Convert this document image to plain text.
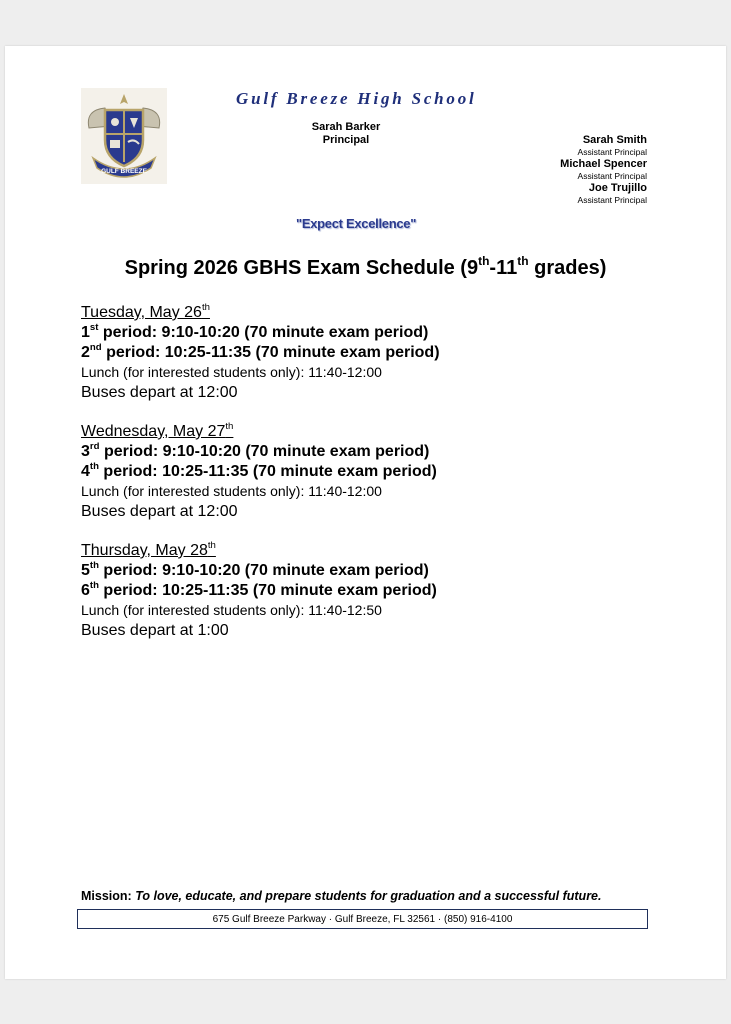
GULF BREEZE
Gulf Breeze High School
Sarah Barker
Principal	Sarah Smith
Assistant Principal
Michael Spencer
Assistant Principal
Joe Trujillo
Assistant Principal
"Expect Excellence"
Spring 2026 GBHS Exam Schedule (9th-11th grades)
Tuesday, May 26th
1st period: 9:10-10:20 (70 minute exam period)
2nd period: 10:25-11:35 (70 minute exam period)
Lunch (for interested students only): 11:40-12:00
Buses depart at 12:00
Wednesday, May 27th
3rd period: 9:10-10:20 (70 minute exam period)
4th period: 10:25-11:35 (70 minute exam period)
Lunch (for interested students only): 11:40-12:00
Buses depart at 12:00
Thursday, May 28th
5th period: 9:10-10:20 (70 minute exam period)
6th period: 10:25-11:35 (70 minute exam period)
Lunch (for interested students only): 11:40-12:50
Buses depart at 1:00
Mission: To love, educate, and prepare students for graduation and a successful future.
675 Gulf Breeze Parkway · Gulf Breeze, FL 32561 · (850) 916-4100
